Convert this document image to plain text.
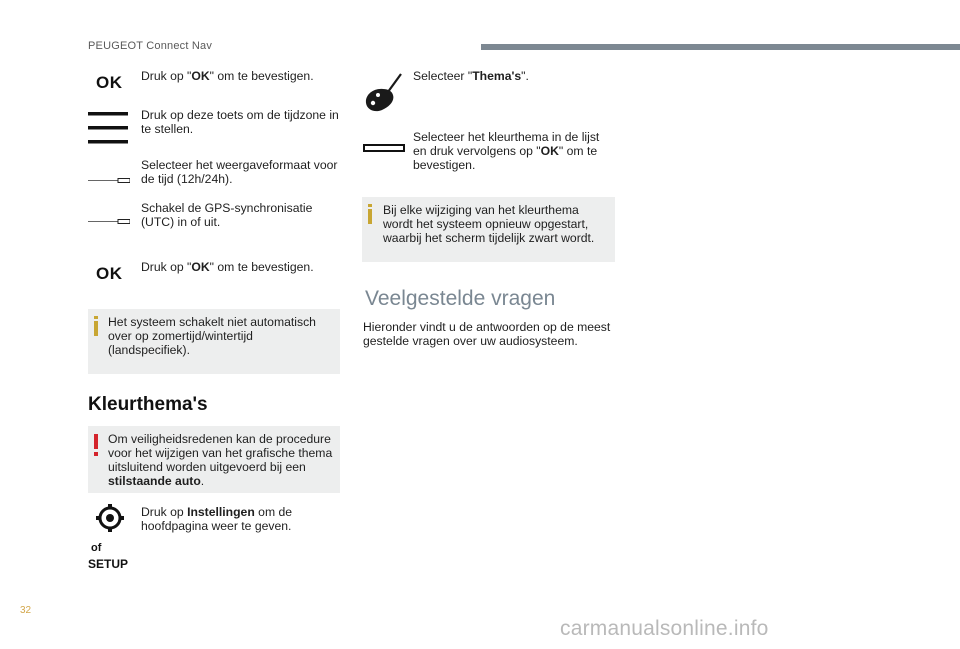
PEUGEOT Connect Nav
OK Druk op "OK" om te bevestigen.
Druk op deze toets om de tijdzone in te stellen.
Selecteer het weergaveformaat voor de tijd (12h/24h).
Schakel de GPS-synchronisatie (UTC) in of uit.
OK Druk op "OK" om te bevestigen.
Het systeem schakelt niet automatisch over op zomertijd/wintertijd (landspecifiek).
Kleurthema's
Om veiligheidsredenen kan de procedure voor het wijzigen van het grafische thema uitsluitend worden uitgevoerd bij een stilstaande auto.
Druk op Instellingen om de hoofdpagina weer te geven.
of
SETUP
Selecteer "Thema's".
Selecteer het kleurthema in de lijst en druk vervolgens op "OK" om te bevestigen.
Bij elke wijziging van het kleurthema wordt het systeem opnieuw opgestart, waarbij het scherm tijdelijk zwart wordt.
Veelgestelde vragen
Hieronder vindt u de antwoorden op de meest gestelde vragen over uw audiosysteem.
32
carmanualsonline.info
